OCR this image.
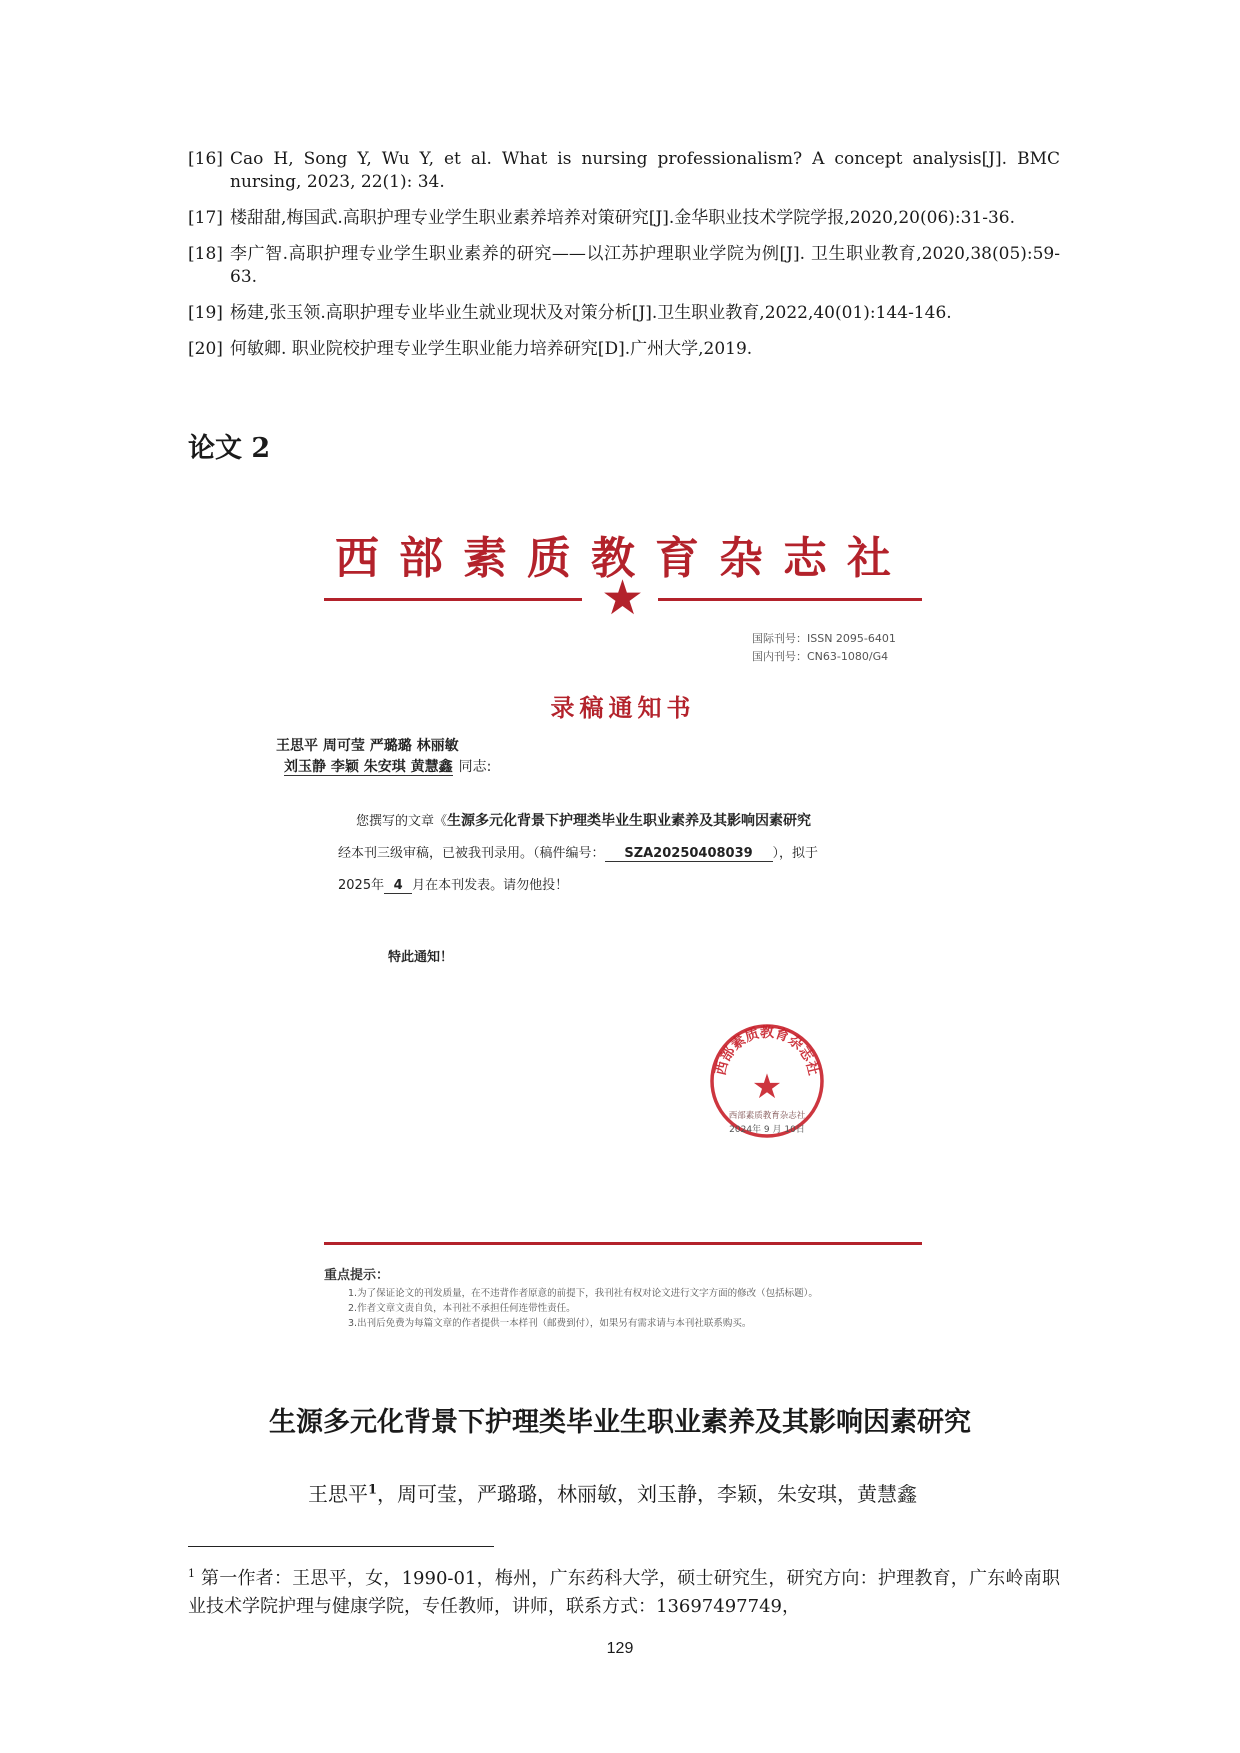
[16] Cao H, Song Y, Wu Y, et al. What is nursing professionalism? A concept analysis[J]. BMC nursing, 2023, 22(1): 34.
[17] 楼甜甜,梅国武.高职护理专业学生职业素养培养对策研究[J].金华职业技术学院学报,2020,20(06):31-36.
[18] 李广智.高职护理专业学生职业素养的研究——以江苏护理职业学院为例[J]. 卫生职业教育,2020,38(05):59-63.
[19] 杨建,张玉领.高职护理专业毕业生就业现状及对策分析[J].卫生职业教育,2022,40(01):144-146.
[20] 何敏卿. 职业院校护理专业学生职业能力培养研究[D].广州大学,2019.
论文 2
西部素质教育杂志社
★
国际刊号：ISSN 2095-6401
国内刊号：CN63-1080/G4
录稿通知书
王思平 周可莹 严璐璐 林丽敏
刘玉静 李颖 朱安琪 黄慧鑫 同志:
您撰写的文章《生源多元化背景下护理类毕业生职业素养及其影响因素研究
经本刊三级审稿，已被我刊录用。（稿件编号： SZA20250408039 ），拟于
2025年 4 月在本刊发表。请勿他投！
特此通知！
西部素质教育杂志社
★
西部素质教育杂志社
2024年 9 月 10日
重点提示：
1.为了保证论文的刊发质量，在不违背作者原意的前提下，我刊社有权对论文进行文字方面的修改（包括标题）。
2.作者文章文责自负，本刊社不承担任何连带性责任。
3.出刊后免费为每篇文章的作者提供一本样刊（邮费到付），如果另有需求请与本刊社联系购买。
生源多元化背景下护理类毕业生职业素养及其影响因素研究
王思平$^1$，周可莹，严璐璐，林丽敏，刘玉静，李颖，朱安琪，黄慧鑫
$^1$ 第一作者：王思平，女，1990-01，梅州，广东药科大学，硕士研究生，研究方向：护理教育，广东岭南职业技术学院护理与健康学院，专任教师，讲师，联系方式：13697497749，
129
